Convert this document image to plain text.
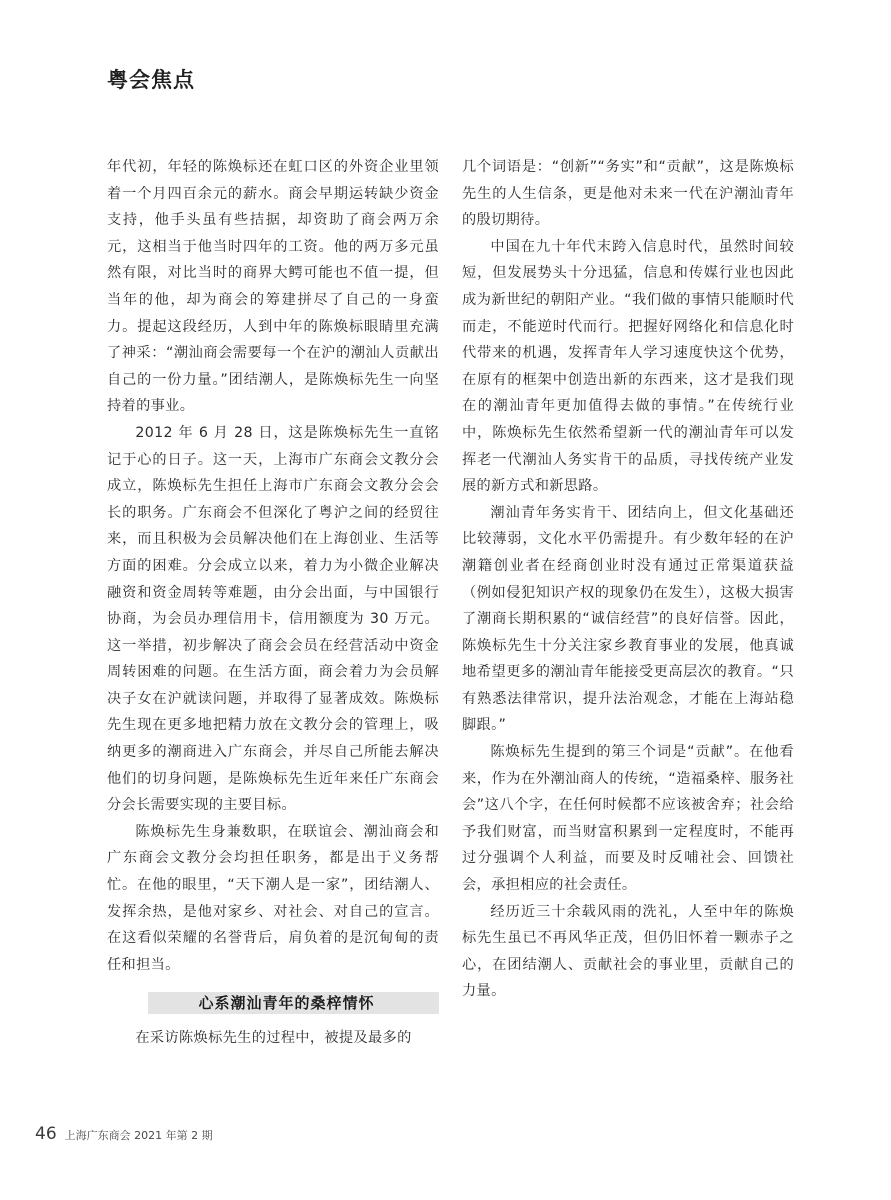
粤会焦点

年代初，年轻的陈焕标还在虹口区的外资企业里领着一个月四百余元的薪水。商会早期运转缺少资金支持，他手头虽有些拮据，却资助了商会两万余元，这相当于他当时四年的工资。他的两万多元虽然有限，对比当时的商界大鳄可能也不值一提，但当年的他，却为商会的筹建拼尽了自己的一身蛮力。提起这段经历，人到中年的陈焕标眼睛里充满了神采：“潮汕商会需要每一个在沪的潮汕人贡献出自己的一份力量。”团结潮人，是陈焕标先生一向坚持着的事业。

2012 年 6 月 28 日，这是陈焕标先生一直铭记于心的日子。这一天，上海市广东商会文教分会成立，陈焕标先生担任上海市广东商会文教分会会长的职务。广东商会不但深化了粤沪之间的经贸往来，而且积极为会员解决他们在上海创业、生活等方面的困难。分会成立以来，着力为小微企业解决融资和资金周转等难题，由分会出面，与中国银行协商，为会员办理信用卡，信用额度为 30 万元。这一举措，初步解决了商会会员在经营活动中资金周转困难的问题。在生活方面，商会着力为会员解决子女在沪就读问题，并取得了显著成效。陈焕标先生现在更多地把精力放在文教分会的管理上，吸纳更多的潮商进入广东商会，并尽自己所能去解决他们的切身问题，是陈焕标先生近年来任广东商会分会长需要实现的主要目标。

陈焕标先生身兼数职，在联谊会、潮汕商会和广东商会文教分会均担任职务，都是出于义务帮忙。在他的眼里，“天下潮人是一家”，团结潮人、发挥余热，是他对家乡、对社会、对自己的宣言。在这看似荣耀的名誉背后，肩负着的是沉甸甸的责任和担当。

心系潮汕青年的桑梓情怀

在采访陈焕标先生的过程中，被提及最多的

几个词语是：“创新”“务实”和“贡献”，这是陈焕标先生的人生信条，更是他对未来一代在沪潮汕青年的殷切期待。

中国在九十年代末跨入信息时代，虽然时间较短，但发展势头十分迅猛，信息和传媒行业也因此成为新世纪的朝阳产业。“我们做的事情只能顺时代而走，不能逆时代而行。把握好网络化和信息化时代带来的机遇，发挥青年人学习速度快这个优势，在原有的框架中创造出新的东西来，这才是我们现在的潮汕青年更加值得去做的事情。”在传统行业中，陈焕标先生依然希望新一代的潮汕青年可以发挥老一代潮汕人务实肯干的品质，寻找传统产业发展的新方式和新思路。

潮汕青年务实肯干、团结向上，但文化基础还比较薄弱，文化水平仍需提升。有少数年轻的在沪潮籍创业者在经商创业时没有通过正常渠道获益（例如侵犯知识产权的现象仍在发生），这极大损害了潮商长期积累的“诚信经营”的良好信誉。因此，陈焕标先生十分关注家乡教育事业的发展，他真诚地希望更多的潮汕青年能接受更高层次的教育。“只有熟悉法律常识，提升法治观念，才能在上海站稳脚跟。”

陈焕标先生提到的第三个词是“贡献”。在他看来，作为在外潮汕商人的传统，“造福桑梓、服务社会”这八个字，在任何时候都不应该被舍弃；社会给予我们财富，而当财富积累到一定程度时，不能再过分强调个人利益，而要及时反哺社会、回馈社会，承担相应的社会责任。

经历近三十余载风雨的洗礼，人至中年的陈焕标先生虽已不再风华正茂，但仍旧怀着一颗赤子之心，在团结潮人、贡献社会的事业里，贡献自己的力量。

46 上海广东商会 2021 年第 2 期
